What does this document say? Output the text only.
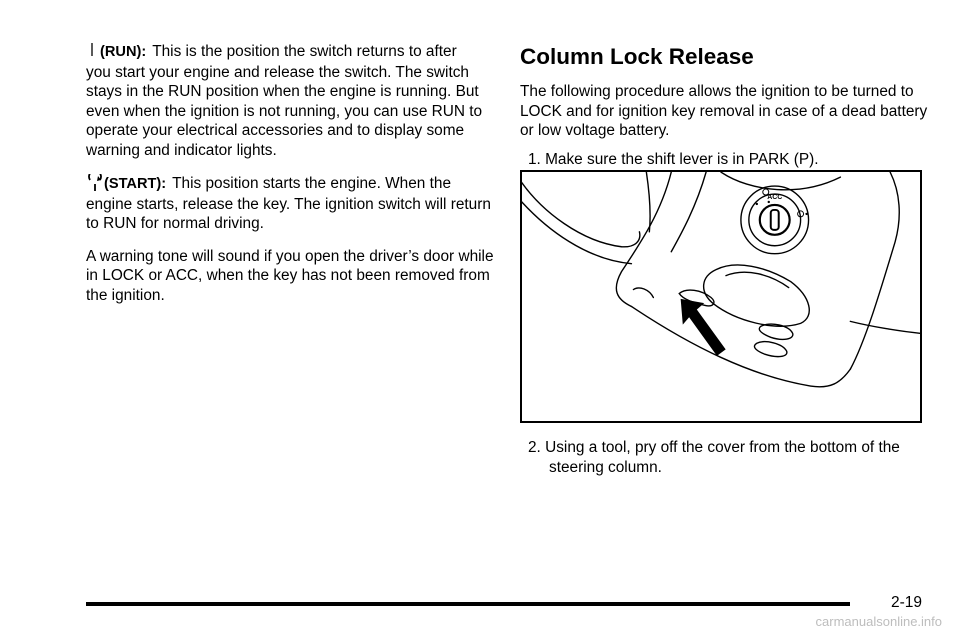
(RUN): This is the position the switch returns to after
you start your engine and release the switch. The switch stays in the RUN position when the engine is running. But even when the ignition is not running, you can use RUN to operate your electrical accessories and to display some warning and indicator lights.

(START): This position starts the engine. When the
engine starts, release the key. The ignition switch will return to RUN for normal driving.

A warning tone will sound if you open the driver’s door while in LOCK or ACC, when the key has not been removed from the ignition.

Column Lock Release

The following procedure allows the ignition to be turned to LOCK and for ignition key removal in case of a dead battery or low voltage battery.

1. Make sure the shift lever is in PARK (P).

ACC

2. Using a tool, pry off the cover from the bottom of the steering column.

2-19
carmanualsonline.info
